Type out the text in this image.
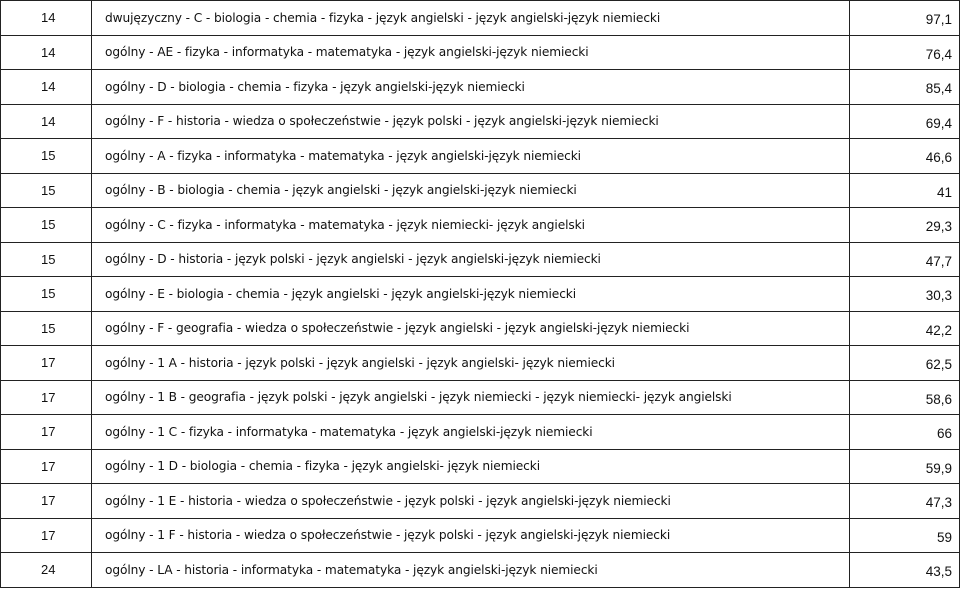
14	dwujęzyczny - C - biologia - chemia - fizyka - język angielski - język angielski-język niemiecki	97,1
14	ogólny - AE - fizyka - informatyka - matematyka - język angielski-język niemiecki	76,4
14	ogólny - D - biologia - chemia - fizyka - język angielski-język niemiecki	85,4
14	ogólny - F - historia - wiedza o społeczeństwie - język polski - język angielski-język niemiecki	69,4
15	ogólny - A - fizyka - informatyka - matematyka - język angielski-język niemiecki	46,6
15	ogólny - B - biologia - chemia - język angielski - język angielski-język niemiecki	41
15	ogólny - C - fizyka - informatyka - matematyka - język niemiecki- język angielski	29,3
15	ogólny - D - historia - język polski - język angielski - język angielski-język niemiecki	47,7
15	ogólny - E - biologia - chemia - język angielski - język angielski-język niemiecki	30,3
15	ogólny - F - geografia - wiedza o społeczeństwie - język angielski - język angielski-język niemiecki	42,2
17	ogólny - 1 A - historia - język polski - język angielski - język angielski- język niemiecki	62,5
17	ogólny - 1 B - geografia - język polski - język angielski - język niemiecki - język niemiecki- język angielski	58,6
17	ogólny - 1 C - fizyka - informatyka - matematyka - język angielski-język niemiecki	66
17	ogólny - 1 D - biologia - chemia - fizyka - język angielski- język niemiecki	59,9
17	ogólny - 1 E - historia - wiedza o społeczeństwie - język polski - język angielski-język niemiecki	47,3
17	ogólny - 1 F - historia - wiedza o społeczeństwie - język polski - język angielski-język niemiecki	59
24	ogólny - LA - historia - informatyka - matematyka - język angielski-język niemiecki	43,5
